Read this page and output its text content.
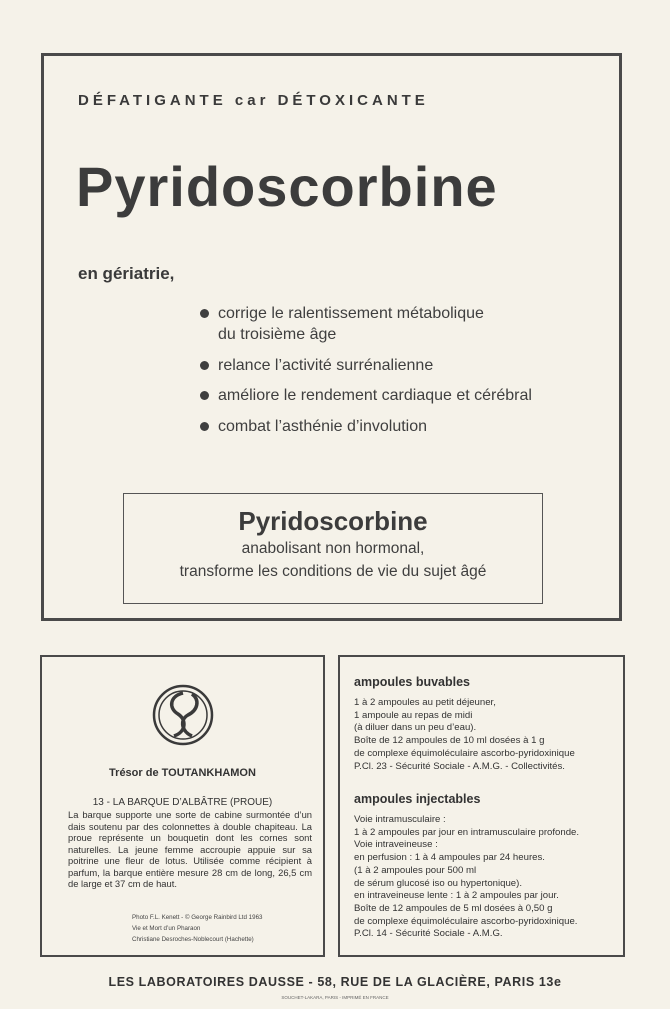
DÉFATIGANTE car DÉTOXICANTE
Pyridoscorbine
en gériatrie,
corrige le ralentissement métabolique
du troisième âge
relance l’activité surrénalienne
améliore le rendement cardiaque et cérébral
combat l’asthénie d’involution
Pyridoscorbine
anabolisant non hormonal,
transforme les conditions de vie du sujet âgé
Trésor de TOUTANKHAMON
13 - LA BARQUE D’ALBÂTRE (PROUE)
La barque supporte une sorte de cabine surmontée d’un dais soutenu par des colonnettes à double chapiteau. La proue représente un bouquetin dont les cornes sont naturelles. La jeune femme accroupie appuie sur sa poitrine une fleur de lotus. Utilisée comme récipient à parfum, la barque entière mesure 28 cm de long, 26,5 cm de large et 37 cm de haut.
Photo F.L. Kenett - © George Rainbird Ltd 1963
Vie et Mort d’un Pharaon
Christiane Desroches-Noblecourt (Hachette)
ampoules buvables
1 à 2 ampoules au petit déjeuner,
1 ampoule au repas de midi
(à diluer dans un peu d’eau).
Boîte de 12 ampoules de 10 ml dosées à 1 g
de complexe équimoléculaire ascorbo-pyridoxinique
P.Cl. 23 - Sécurité Sociale - A.M.G. - Collectivités.
ampoules injectables
Voie intramusculaire :
1 à 2 ampoules par jour en intramusculaire profonde.
Voie intraveineuse :
en perfusion : 1 à 4 ampoules par 24 heures.
(1 à 2 ampoules pour 500 ml
de sérum glucosé iso ou hypertonique).
en intraveineuse lente : 1 à 2 ampoules par jour.
Boîte de 12 ampoules de 5 ml dosées à 0,50 g
de complexe équimoléculaire ascorbo-pyridoxinique.
P.Cl. 14 - Sécurité Sociale - A.M.G.
LES LABORATOIRES DAUSSE - 58, RUE DE LA GLACIÈRE, PARIS 13e
SOUCHET-LAKARA, PARIS - IMPRIMÉ EN FRANCE
